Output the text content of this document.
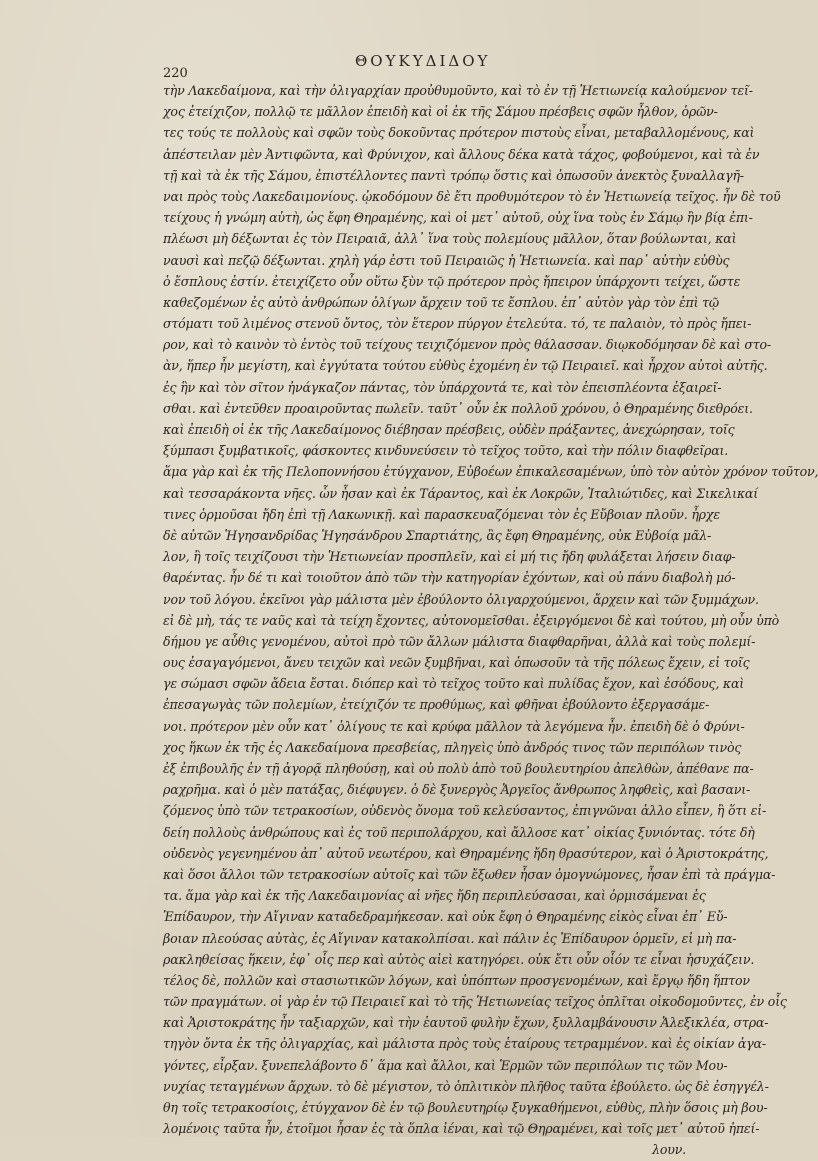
220
ΘΟΥΚΥΔΙΔΟΥ
τὴν Λακεδαίμονα, καὶ τὴν ὀλιγαρχίαν προὐθυμοῦντο, καὶ τὸ ἐν τῇ Ἠετιωνείᾳ καλούμενον τεῖ-
χος ἐτείχιζον, πολλῷ τε μᾶλλον ἐπειδὴ καὶ οἱ ἐκ τῆς Σάμου πρέσβεις σφῶν ἦλθον, ὁρῶν-
τες τούς τε πολλοὺς καὶ σφῶν τοὺς δοκοῦντας πρότερον πιστοὺς εἶναι, μεταβαλλομένους, καὶ
ἀπέστειλαν μὲν Ἀντιφῶντα, καὶ Φρύνιχον, καὶ ἄλλους δέκα κατὰ τάχος, φοβούμενοι, καὶ τὰ ἐν
τῇ καὶ τὰ ἐκ τῆς Σάμου, ἐπιστέλλοντες παντὶ τρόπῳ ὅστις καὶ ὁπωσοῦν ἀνεκτὸς ξυναλλαγῆ-
ναι πρὸς τοὺς Λακεδαιμονίους. ᾠκοδόμουν δὲ ἔτι προθυμότερον τὸ ἐν Ἠετιωνείᾳ τεῖχος. ἦν δὲ τοῦ
τείχους ἡ γνώμη αὐτὴ, ὡς ἔφη Θηραμένης, καὶ οἱ μετ᾽ αὐτοῦ, οὐχ ἵνα τοὺς ἐν Σάμῳ ἢν βίᾳ ἐπι-
πλέωσι μὴ δέξωνται ἐς τὸν Πειραιᾶ, ἀλλ᾽ ἵνα τοὺς πολεμίους μᾶλλον, ὅταν βούλωνται, καὶ
ναυσὶ καὶ πεζῷ δέξωνται. χηλὴ γάρ ἐστι τοῦ Πειραιῶς ἡ Ἠετιωνεία. καὶ παρ᾽ αὐτὴν εὐθὺς
ὁ ἔσπλους ἐστίν. ἐτειχίζετο οὖν οὕτω ξὺν τῷ πρότερον πρὸς ἤπειρον ὑπάρχοντι τείχει, ὥστε
καθεζομένων ἐς αὐτὸ ἀνθρώπων ὀλίγων ἄρχειν τοῦ τε ἔσπλου. ἐπ᾽ αὐτὸν γὰρ τὸν ἐπὶ τῷ
στόματι τοῦ λιμένος στενοῦ ὄντος, τὸν ἕτερον πύργον ἐτελεύτα. τό, τε παλαιὸν, τὸ πρὸς ἤπει-
ρον, καὶ τὸ καινὸν τὸ ἐντὸς τοῦ τείχους τειχιζόμενον πρὸς θάλασσαν. διῳκοδόμησαν δὲ καὶ στο-
ὰν, ἥπερ ἦν μεγίστη, καὶ ἐγγύτατα τούτου εὐθὺς ἐχομένη ἐν τῷ Πειραιεῖ. καὶ ἦρχον αὐτοὶ αὐτῆς.
ἐς ἣν καὶ τὸν σῖτον ἠνάγκαζον πάντας, τὸν ὑπάρχοντά τε, καὶ τὸν ἐπεισπλέοντα ἐξαιρεῖ-
σθαι. καὶ ἐντεῦθεν προαιροῦντας πωλεῖν. ταῦτ᾽ οὖν ἐκ πολλοῦ χρόνου, ὁ Θηραμένης διεθρόει.
καὶ ἐπειδὴ οἱ ἐκ τῆς Λακεδαίμονος διέβησαν πρέσβεις, οὐδὲν πράξαντες, ἀνεχώρησαν, τοῖς
ξύμπασι ξυμβατικοῖς, φάσκοντες κινδυνεύσειν τὸ τεῖχος τοῦτο, καὶ τὴν πόλιν διαφθεῖραι.
ἅμα γὰρ καὶ ἐκ τῆς Πελοποννήσου ἐτύγχανον, Εὐβοέων ἐπικαλεσαμένων, ὑπὸ τὸν αὐτὸν χρόνον τοῦτον,
καὶ τεσσαράκοντα νῆες. ὧν ἦσαν καὶ ἐκ Τάραντος, καὶ ἐκ Λοκρῶν, Ἰταλιώτιδες, καὶ Σικελικαί
τινες ὁρμοῦσαι ἤδη ἐπὶ τῇ Λακωνικῇ. καὶ παρασκευαζόμεναι τὸν ἐς Εὔβοιαν πλοῦν. ἦρχε
δὲ αὐτῶν Ἡγησανδρίδας Ἡγησάνδρου Σπαρτιάτης, ἃς ἔφη Θηραμένης, οὐκ Εὐβοίᾳ μᾶλ-
λον, ἢ τοῖς τειχίζουσι τὴν Ἠετιωνείαν προσπλεῖν, καὶ εἰ μή τις ἤδη φυλάξεται λήσειν διαφ-
θαρέντας. ἦν δέ τι καὶ τοιοῦτον ἀπὸ τῶν τὴν κατηγορίαν ἐχόντων, καὶ οὐ πάνυ διαβολὴ μό-
νον τοῦ λόγου. ἐκεῖνοι γὰρ μάλιστα μὲν ἐβούλοντο ὀλιγαρχούμενοι, ἄρχειν καὶ τῶν ξυμμάχων.
εἰ δὲ μὴ, τάς τε ναῦς καὶ τὰ τείχη ἔχοντες, αὐτονομεῖσθαι. ἐξειργόμενοι δὲ καὶ τούτου, μὴ οὖν ὑπὸ
δήμου γε αὖθις γενομένου, αὐτοὶ πρὸ τῶν ἄλλων μάλιστα διαφθαρῆναι, ἀλλὰ καὶ τοὺς πολεμί-
ους ἐσαγαγόμενοι, ἄνευ τειχῶν καὶ νεῶν ξυμβῆναι, καὶ ὁπωσοῦν τὰ τῆς πόλεως ἔχειν, εἰ τοῖς
γε σώμασι σφῶν ἄδεια ἔσται. διόπερ καὶ τὸ τεῖχος τοῦτο καὶ πυλίδας ἔχον, καὶ ἐσόδους, καὶ
ἐπεσαγωγὰς τῶν πολεμίων, ἐτείχιζόν τε προθύμως, καὶ φθῆναι ἐβούλοντο ἐξεργασάμε-
νοι. πρότερον μὲν οὖν κατ᾽ ὀλίγους τε καὶ κρύφα μᾶλλον τὰ λεγόμενα ἦν. ἐπειδὴ δὲ ὁ Φρύνι-
χος ἥκων ἐκ τῆς ἐς Λακεδαίμονα πρεσβείας, πληγεὶς ὑπὸ ἀνδρός τινος τῶν περιπόλων τινὸς
ἐξ ἐπιβουλῆς ἐν τῇ ἀγορᾷ πληθούσῃ, καὶ οὐ πολὺ ἀπὸ τοῦ βουλευτηρίου ἀπελθὼν, ἀπέθανε πα-
ραχρῆμα. καὶ ὁ μὲν πατάξας, διέφυγεν. ὁ δὲ ξυνεργὸς Ἀργεῖος ἄνθρωπος ληφθεὶς, καὶ βασανι-
ζόμενος ὑπὸ τῶν τετρακοσίων, οὐδενὸς ὄνομα τοῦ κελεύσαντος, ἐπιγνῶναι ἀλλο εἶπεν, ἢ ὅτι εἰ-
δείη πολλοὺς ἀνθρώπους καὶ ἐς τοῦ περιπολάρχου, καὶ ἄλλοσε κατ᾽ οἰκίας ξυνιόντας. τότε δὴ
οὐδενὸς γεγενημένου ἀπ᾽ αὐτοῦ νεωτέρου, καὶ Θηραμένης ἤδη θρασύτερον, καὶ ὁ Ἀριστοκράτης,
καὶ ὅσοι ἄλλοι τῶν τετρακοσίων αὐτοῖς καὶ τῶν ἔξωθεν ἦσαν ὁμογνώμονες, ἦσαν ἐπὶ τὰ πράγμα-
τα. ἅμα γὰρ καὶ ἐκ τῆς Λακεδαιμονίας αἱ νῆες ἤδη περιπλεύσασαι, καὶ ὁρμισάμεναι ἐς
Ἐπίδαυρον, τὴν Αἴγιναν καταδεδραμήκεσαν. καὶ οὐκ ἔφη ὁ Θηραμένης εἰκὸς εἶναι ἐπ᾽ Εὔ-
βοιαν πλεούσας αὐτὰς, ἐς Αἴγιναν κατακολπίσαι. καὶ πάλιν ἐς Ἐπίδαυρον ὁρμεῖν, εἰ μὴ πα-
ρακληθείσας ἥκειν, ἐφ᾽ οἷς περ καὶ αὐτὸς αἰεὶ κατηγόρει. οὐκ ἔτι οὖν οἷόν τε εἶναι ἡσυχάζειν.
τέλος δὲ, πολλῶν καὶ στασιωτικῶν λόγων, καὶ ὑπόπτων προσγενομένων, καὶ ἔργῳ ἤδη ἥπτον
τῶν πραγμάτων. οἱ γὰρ ἐν τῷ Πειραιεῖ καὶ τὸ τῆς Ἠετιωνείας τεῖχος ὁπλῖται οἰκοδομοῦντες, ἐν οἷς
καὶ Ἀριστοκράτης ἦν ταξιαρχῶν, καὶ τὴν ἑαυτοῦ φυλὴν ἔχων, ξυλλαμβάνουσιν Ἀλεξικλέα, στρα-
τηγὸν ὄντα ἐκ τῆς ὀλιγαρχίας, καὶ μάλιστα πρὸς τοὺς ἑταίρους τετραμμένον. καὶ ἐς οἰκίαν ἀγα-
γόντες, εἶρξαν. ξυνεπελάβοντο δ᾽ ἅμα καὶ ἄλλοι, καὶ Ἑρμῶν τῶν περιπόλων τις τῶν Μου-
νυχίας τεταγμένων ἄρχων. τὸ δὲ μέγιστον, τὸ ὁπλιτικὸν πλῆθος ταῦτα ἐβούλετο. ὡς δὲ ἐσηγγέλ-
θη τοῖς τετρακοσίοις, ἐτύγχανον δὲ ἐν τῷ βουλευτηρίῳ ξυγκαθήμενοι, εὐθὺς, πλὴν ὅσοις μὴ βου-
λομένοις ταῦτα ἦν, ἑτοῖμοι ἦσαν ἐς τὰ ὅπλα ἰέναι, καὶ τῷ Θηραμένει, καὶ τοῖς μετ᾽ αὐτοῦ ἠπεί-
λουν.
